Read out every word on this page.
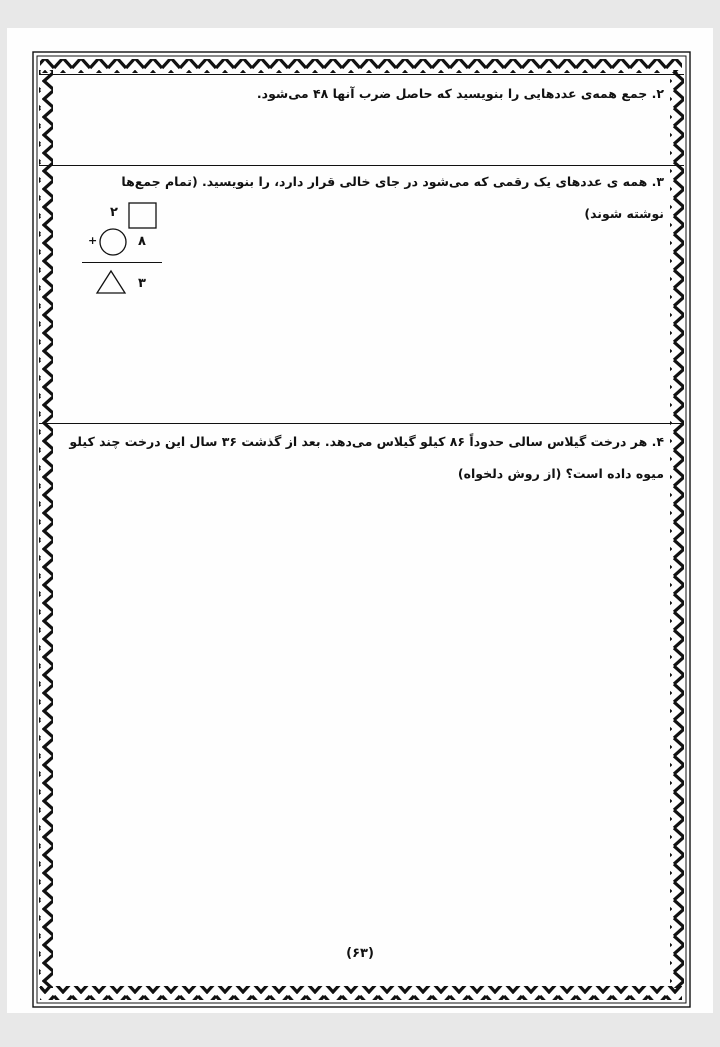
۲. جمع همه‌ی عددهایی را بنویسید که حاصل ضرب آنها ۴۸ می‌شود.
۳. همه ی عددهای یک رقمی که می‌شود در جای خالی قرار دارد، را بنویسید. (تمام جمع‌ها نوشته شوند)
۲
+	۸
۳
۴. هر درخت گیلاس سالی حدوداً ۸۶ کیلو گیلاس می‌دهد. بعد از گذشت ۳۶ سال این درخت چند کیلو میوه داده است؟ (از روش دلخواه)
(۶۳)
